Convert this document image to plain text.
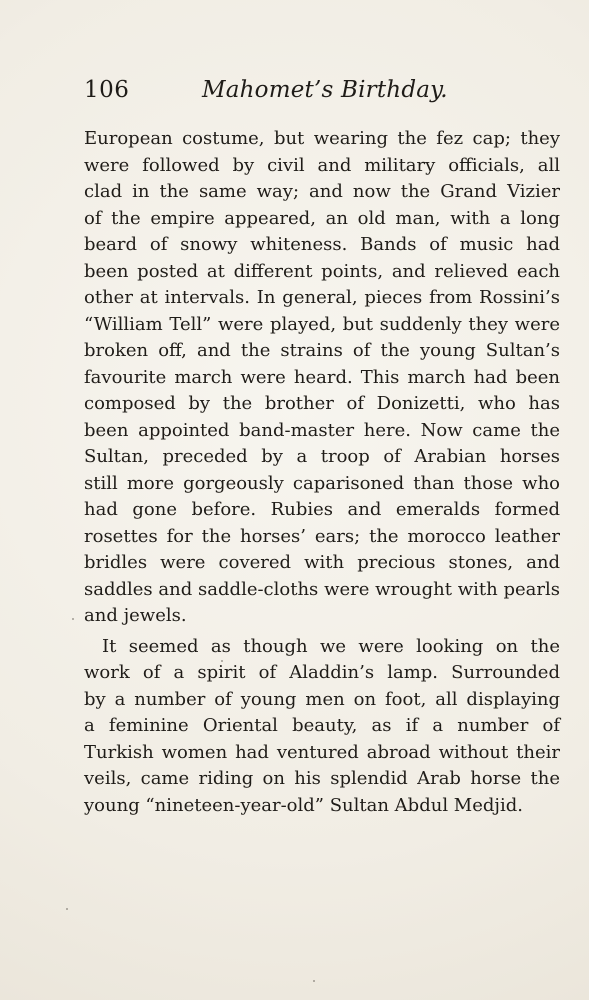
106	Mahomet’s Birthday.
European costume, but wearing the fez cap; they
were followed by civil and military officials, all
clad in the same way; and now the Grand Vizier
of the empire appeared, an old man, with a long
beard of snowy whiteness. Bands of music had
been posted at different points, and relieved each
other at intervals. In general, pieces from Rossini’s
“William Tell” were played, but suddenly they were
broken off, and the strains of the young Sultan’s
favourite march were heard. This march had been
composed by the brother of Donizetti, who has
been appointed band-master here. Now came the
Sultan, preceded by a troop of Arabian horses
still more gorgeously caparisoned than those who
had gone before. Rubies and emeralds formed
rosettes for the horses’ ears; the morocco leather
bridles were covered with precious stones, and
saddles and saddle-cloths were wrought with pearls
and jewels.
It seemed as though we were looking on the
work of a spirit of Aladdin’s lamp. Surrounded
by a number of young men on foot, all displaying
a feminine Oriental beauty, as if a number of
Turkish women had ventured abroad without their
veils, came riding on his splendid Arab horse the
young “nineteen-year-old” Sultan Abdul Medjid.
